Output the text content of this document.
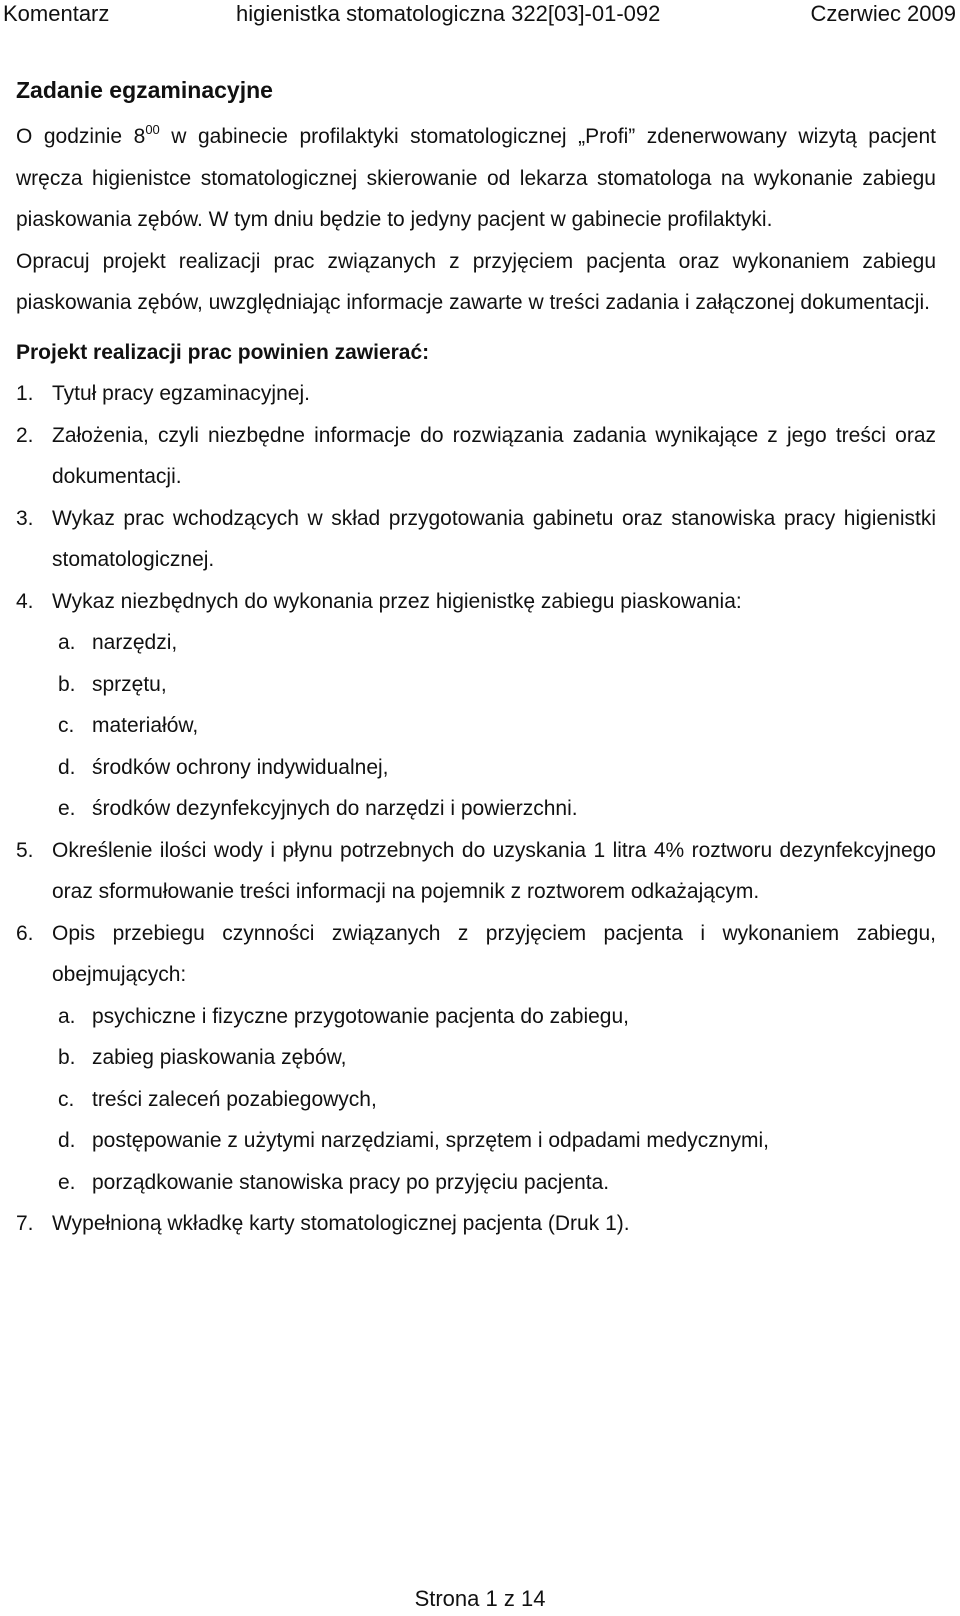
Komentarz	higienistka stomatologiczna 322[03]-01-092	Czerwiec 2009
Zadanie egzaminacyjne

O godzinie $8^{00}$ w gabinecie profilaktyki stomatologicznej „Profi” zdenerwowany wizytą pacjent wręcza higienistce stomatologicznej skierowanie od lekarza stomatologa na wykonanie zabiegu piaskowania zębów. W tym dniu będzie to jedyny pacjent w gabinecie profilaktyki.

Opracuj projekt realizacji prac związanych z przyjęciem pacjenta oraz wykonaniem zabiegu piaskowania zębów, uwzględniając informacje zawarte w treści zadania i załączonej dokumentacji.

Projekt realizacji prac powinien zawierać:
1. Tytuł pracy egzaminacyjnej.
2. Założenia, czyli niezbędne informacje do rozwiązania zadania wynikające z jego treści oraz dokumentacji.
3. Wykaz prac wchodzących w skład przygotowania gabinetu oraz stanowiska pracy higienistki stomatologicznej.
4. Wykaz niezbędnych do wykonania przez higienistkę zabiegu piaskowania:
a. narzędzi,
b. sprzętu,
c. materiałów,
d. środków ochrony indywidualnej,
e. środków dezynfekcyjnych do narzędzi i powierzchni.
5. Określenie ilości wody i płynu potrzebnych do uzyskania 1 litra 4% roztworu dezynfekcyjnego oraz sformułowanie treści informacji na pojemnik z roztworem odkażającym.
6. Opis przebiegu czynności związanych z przyjęciem pacjenta i wykonaniem zabiegu, obejmujących:
a. psychiczne i fizyczne przygotowanie pacjenta do zabiegu,
b. zabieg piaskowania zębów,
c. treści zaleceń pozabiegowych,
d. postępowanie z użytymi narzędziami, sprzętem i odpadami medycznymi,
e. porządkowanie stanowiska pracy po przyjęciu pacjenta.
7. Wypełnioną wkładkę karty stomatologicznej pacjenta (Druk 1).
Strona 1 z 14
